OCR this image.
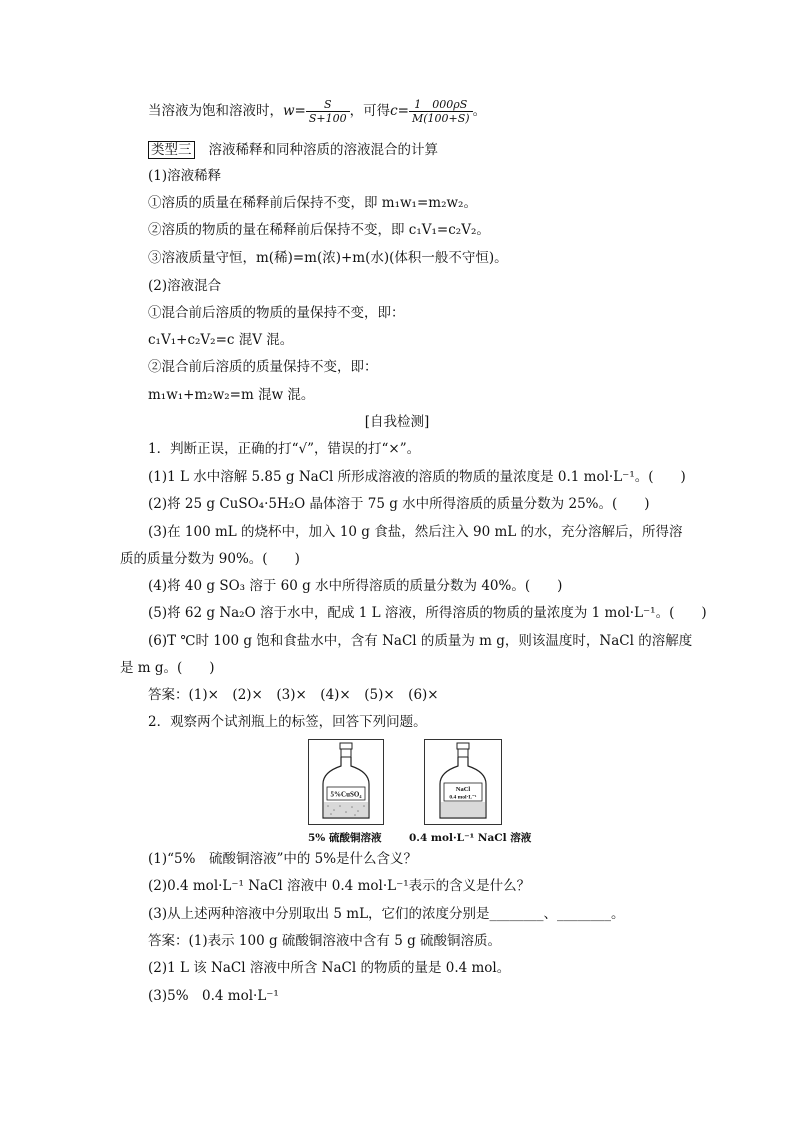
当溶液为饱和溶液时，$w= \frac{S}{S+100}$ ，可得$c= \frac{1 000\rho S}{M(100+S)}$ 。
类型三 溶液稀释和同种溶质的溶液混合的计算
(1)溶液稀释
①溶质的质量在稀释前后保持不变，即 m₁w₁=m₂w₂。
②溶质的物质的量在稀释前后保持不变，即 c₁V₁=c₂V₂。
③溶液质量守恒，m(稀)=m(浓)+m(水)(体积一般不守恒)。
(2)溶液混合
①混合前后溶质的物质的量保持不变，即：
c₁V₁+c₂V₂=c 混V 混。
②混合前后溶质的质量保持不变，即：
m₁w₁+m₂w₂=m 混w 混。
[自我检测]
1．判断正误，正确的打“√”，错误的打“×”。
(1)1 L 水中溶解 5.85 g NaCl 所形成溶液的溶质的物质的量浓度是 0.1 mol·L⁻¹。(　　)
(2)将 25 g CuSO₄·5H₂O 晶体溶于 75 g 水中所得溶质的质量分数为 25%。(　　)
(3)在 100 mL 的烧杯中，加入 10 g 食盐，然后注入 90 mL 的水，充分溶解后，所得溶
质的质量分数为 90%。(　　)
(4)将 40 g SO₃ 溶于 60 g 水中所得溶质的质量分数为 40%。(　　)
(5)将 62 g Na₂O 溶于水中，配成 1 L 溶液，所得溶质的物质的量浓度为 1 mol·L⁻¹。(　　)
(6)T ℃时 100 g 饱和食盐水中，含有 NaCl 的质量为 m g，则该温度时，NaCl 的溶解度
是 m g。(　　)
答案：(1)×　(2)×　(3)×　(4)×　(5)×　(6)×
2．观察两个试剂瓶上的标签，回答下列问题。
5%CuSO₄
5% 硫酸铜溶液
NaCl
0.4 mol·L⁻¹
0.4 mol·L⁻¹ NaCl 溶液
(1)“5%　硫酸铜溶液”中的 5%是什么含义？
(2)0.4 mol·L⁻¹ NaCl 溶液中 0.4 mol·L⁻¹表示的含义是什么？
(3)从上述两种溶液中分别取出 5 mL，它们的浓度分别是________、________。
答案：(1)表示 100 g 硫酸铜溶液中含有 5 g 硫酸铜溶质。
(2)1 L 该 NaCl 溶液中所含 NaCl 的物质的量是 0.4 mol。
(3)5%　0.4 mol·L⁻¹
